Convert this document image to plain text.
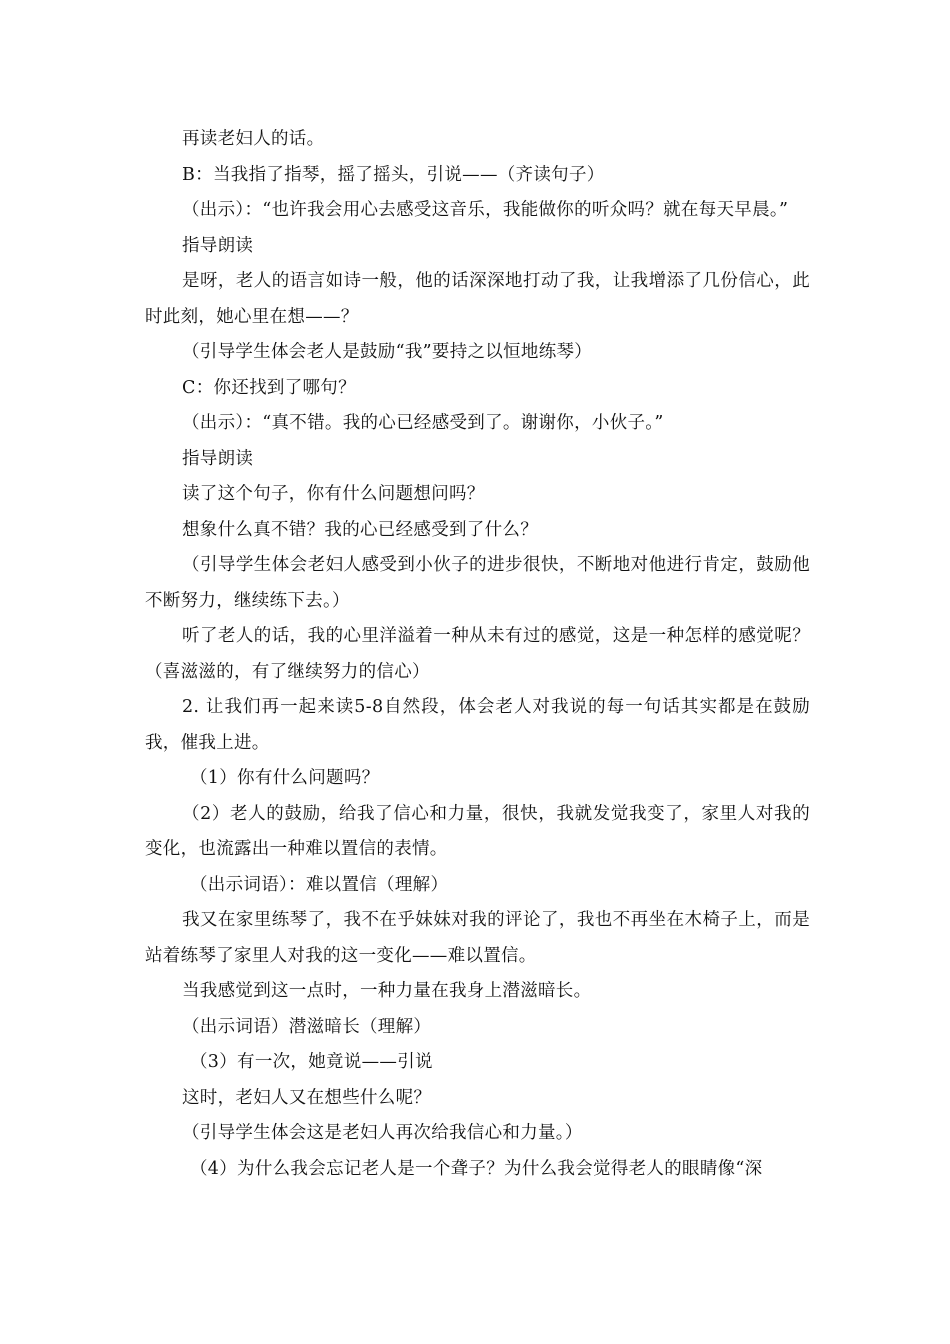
再读老妇人的话。

B：当我指了指琴，摇了摇头，引说——（齐读句子）

（出示）：“也许我会用心去感受这音乐，我能做你的听众吗？就在每天早晨。”

指导朗读

是呀，老人的语言如诗一般，他的话深深地打动了我，让我增添了几份信心，此时此刻，她心里在想——？

（引导学生体会老人是鼓励“我”要持之以恒地练琴）

C：你还找到了哪句？

（出示）：“真不错。我的心已经感受到了。谢谢你，小伙子。”

指导朗读

读了这个句子，你有什么问题想问吗？

想象什么真不错？我的心已经感受到了什么？

（引导学生体会老妇人感受到小伙子的进步很快，不断地对他进行肯定，鼓励他不断努力，继续练下去。）

听了老人的话，我的心里洋溢着一种从未有过的感觉，这是一种怎样的感觉呢？（喜滋滋的，有了继续努力的信心）

2. 让我们再一起来读5-8自然段，体会老人对我说的每一句话其实都是在鼓励我，催我上进。

（1）你有什么问题吗？

（2）老人的鼓励，给我了信心和力量，很快，我就发觉我变了，家里人对我的变化，也流露出一种难以置信的表情。

（出示词语）：难以置信（理解）

我又在家里练琴了，我不在乎妹妹对我的评论了，我也不再坐在木椅子上，而是站着练琴了家里人对我的这一变化——难以置信。

当我感觉到这一点时，一种力量在我身上潜滋暗长。

（出示词语）潜滋暗长（理解）

（3）有一次，她竟说——引说

这时，老妇人又在想些什么呢？

（引导学生体会这是老妇人再次给我信心和力量。）

（4）为什么我会忘记老人是一个聋子？为什么我会觉得老人的眼睛像“深
